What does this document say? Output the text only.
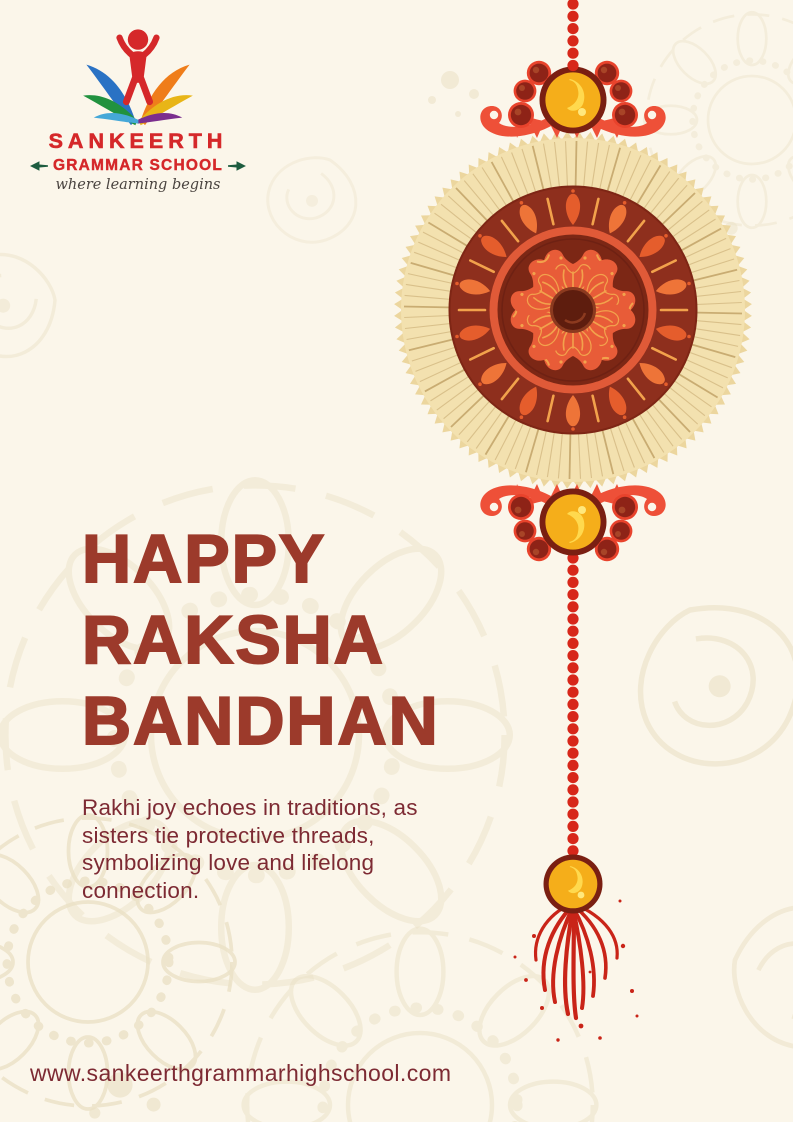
SANKEERTH
GRAMMAR SCHOOL
where learning begins
HAPPY
RAKSHA
BANDHAN
Rakhi joy echoes in traditions, as
sisters tie protective threads,
symbolizing love and lifelong
connection.
www.sankeerthgrammarhighschool.com
